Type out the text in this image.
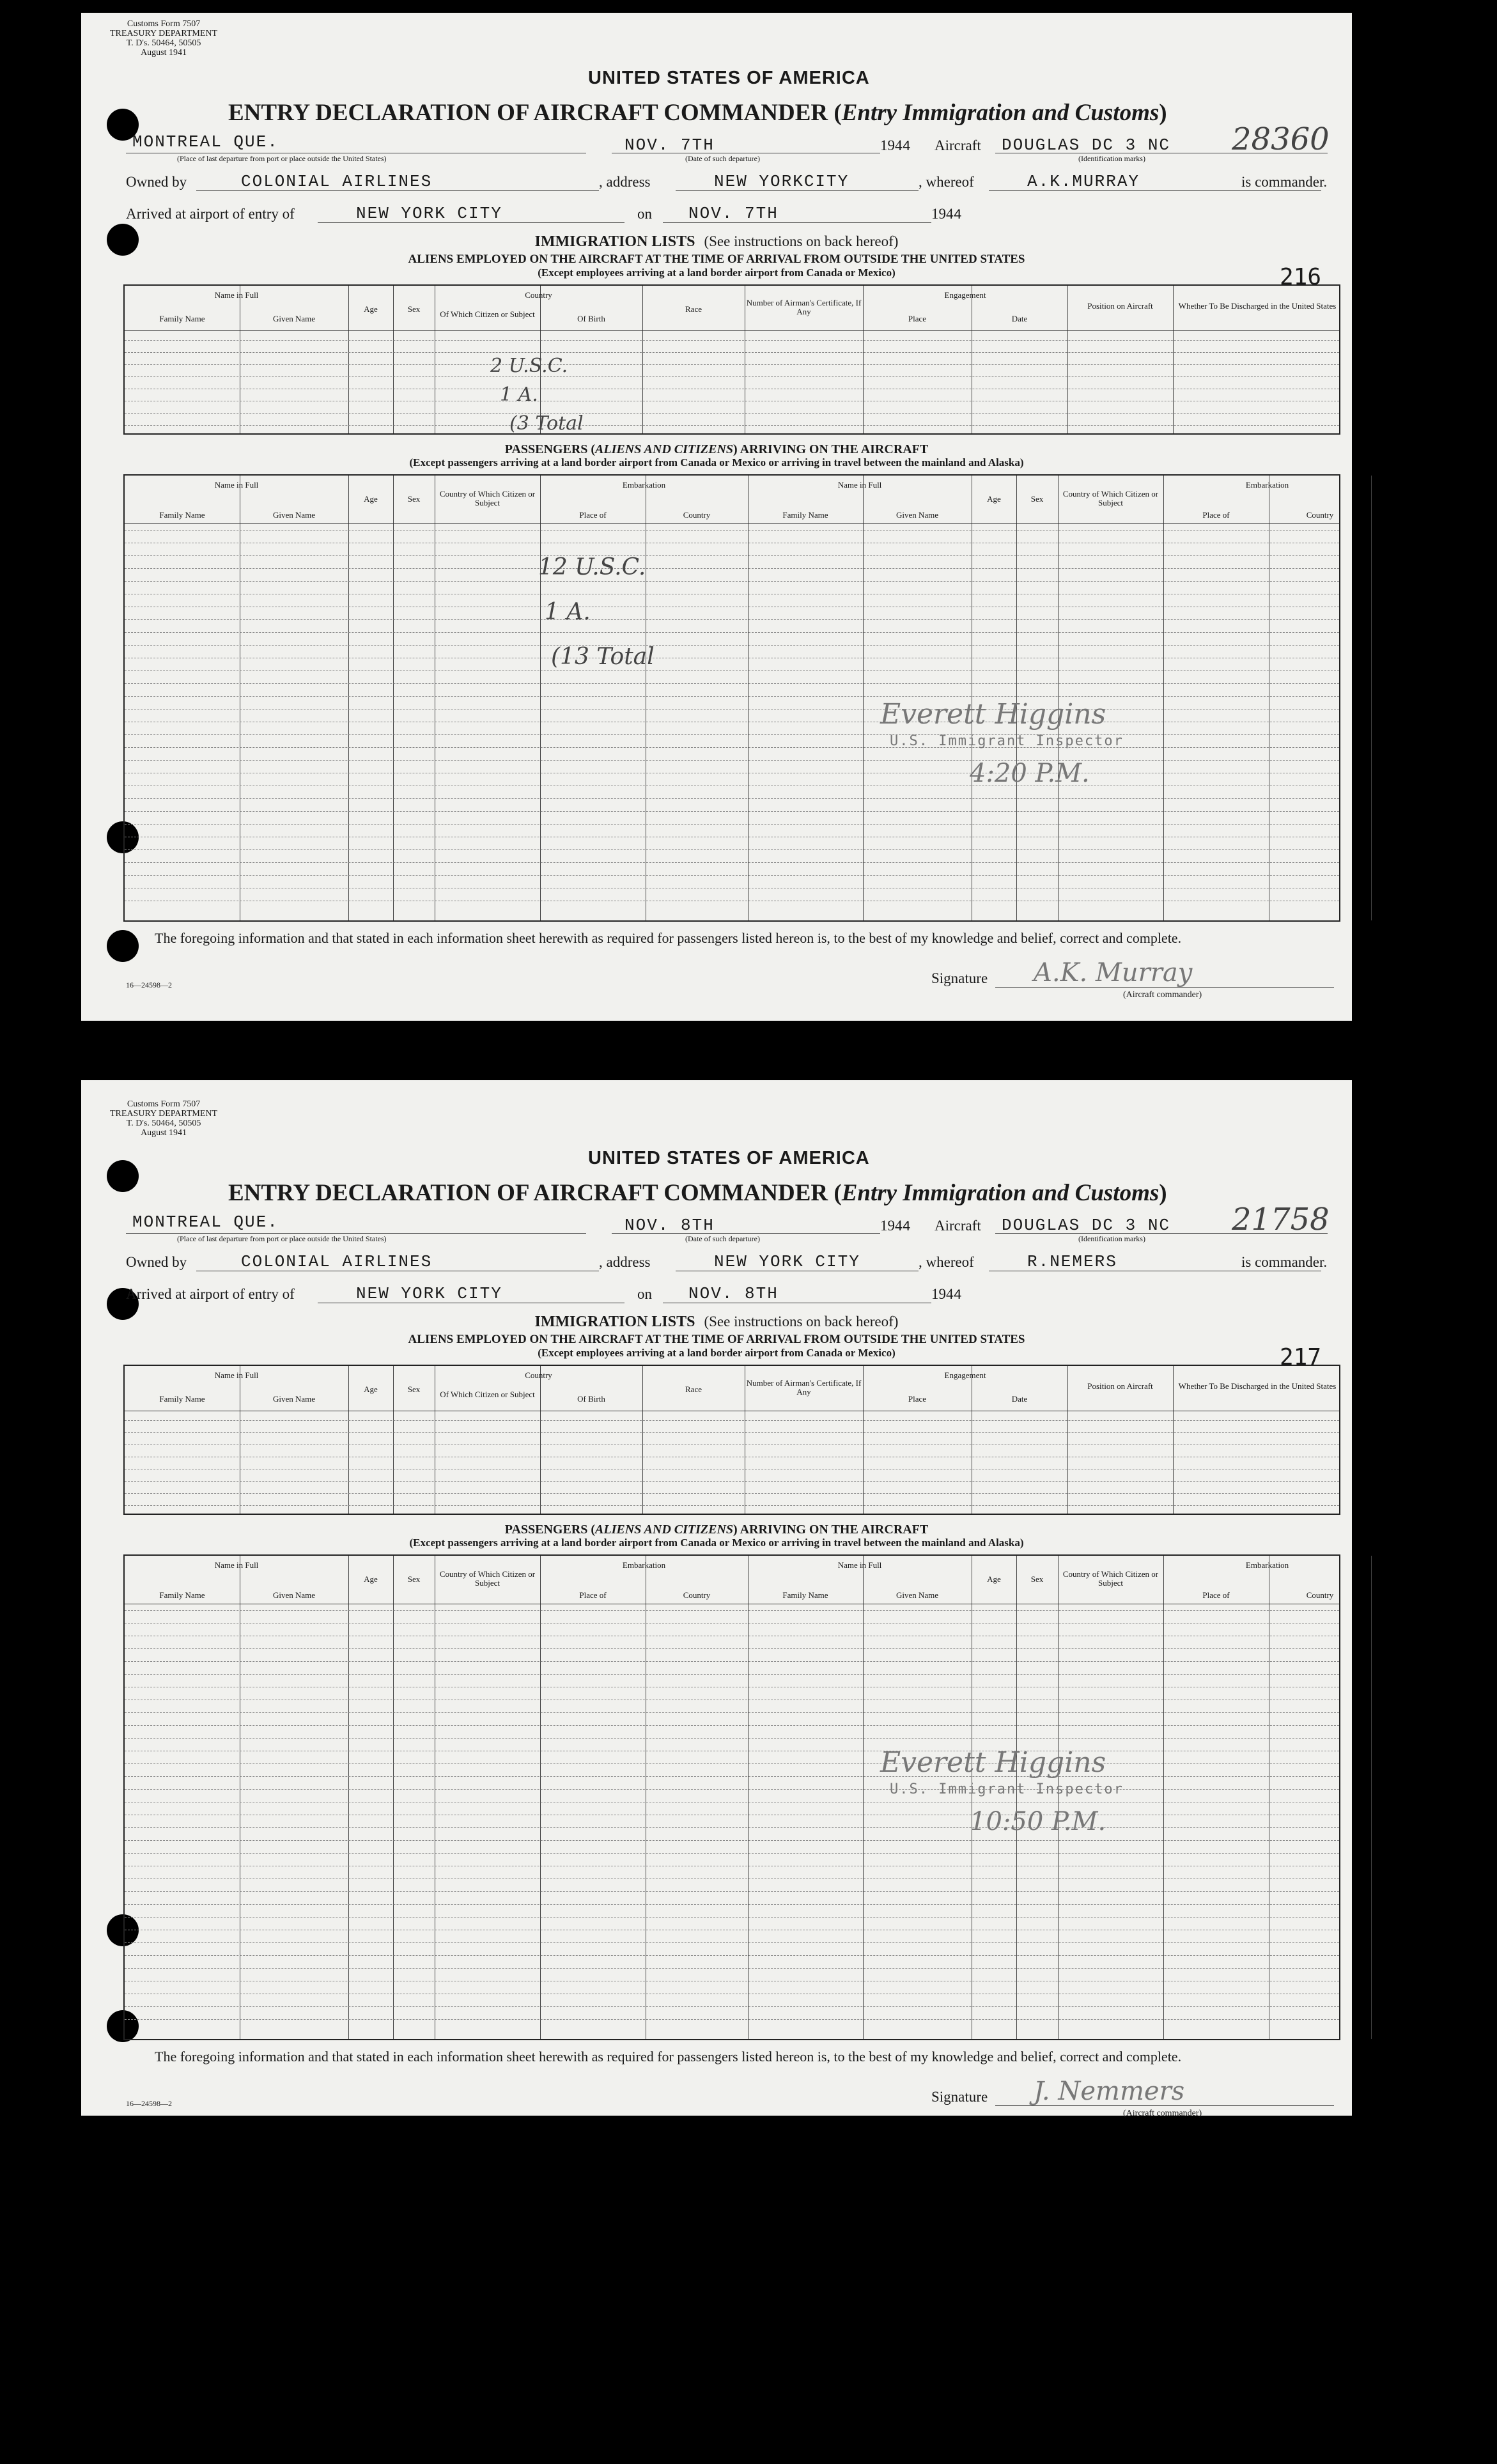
Customs Form 7507
TREASURY DEPARTMENT
T. D's. 50464, 50505
August 1941
UNITED STATES OF AMERICA
ENTRY DECLARATION OF AIRCRAFT COMMANDER (Entry Immigration and Customs)
MONTREAL QUE.
(Place of last departure from port or place outside the United States)
NOV. 7TH
(Date of such departure)
1944 Aircraft DOUGLAS DC 3 NC 28360
(Identification marks)
Owned by	COLONIAL AIRLINES	, address	NEW YORKCITY	, whereof	A.K.MURRAY	is commander.
Arrived at airport of entry of	NEW YORK CITY	on NOV. 7TH	1944
IMMIGRATION LISTS (See instructions on back hereof)
ALIENS EMPLOYED ON THE AIRCRAFT AT THE TIME OF ARRIVAL FROM OUTSIDE THE UNITED STATES
(Except employees arriving at a land border airport from Canada or Mexico)	216
Name in Full
Family Name	Given Name
Age	Sex
Country
Of Which Citizen or Subject	Of Birth
Race
Number of Airman's Certificate, If Any
Engagement
Place	Date
Position on Aircraft	Whether To Be Discharged in the United States
2 U.S.C.
1 A.
(3 Total
PASSENGERS (ALIENS AND CITIZENS) ARRIVING ON THE AIRCRAFT
(Except passengers arriving at a land border airport from Canada or Mexico or arriving in travel between the mainland and Alaska)
Name in Full
Family Name	Given Name
Age	Sex
Country of Which Citizen or Subject
Embarkation
Place of	Country
Name in Full
Family Name	Given Name
Age	Sex
Country of Which Citizen or Subject
Embarkation
Place of	Country
12 U.S.C.
1 A.
(13 Total
Everett Higgins
U.S. Immigrant Inspector
4:20 P.M.
The foregoing information and that stated in each information sheet herewith as required for passengers listed hereon is, to the best of my knowledge and belief, correct and complete.
Signature A.K. Murray
(Aircraft commander)
16—24598—2
Customs Form 7507
TREASURY DEPARTMENT
T. D's. 50464, 50505
August 1941
UNITED STATES OF AMERICA
ENTRY DECLARATION OF AIRCRAFT COMMANDER (Entry Immigration and Customs)
MONTREAL QUE.
(Place of last departure from port or place outside the United States)
NOV. 8TH
(Date of such departure)
1944 Aircraft DOUGLAS DC 3 NC 21758
(Identification marks)
Owned by	COLONIAL AIRLINES	, address	NEW YORK CITY	, whereof	R.NEMERS	is commander.
Arrived at airport of entry of	NEW YORK CITY	on NOV. 8TH	1944
IMMIGRATION LISTS (See instructions on back hereof)
ALIENS EMPLOYED ON THE AIRCRAFT AT THE TIME OF ARRIVAL FROM OUTSIDE THE UNITED STATES
(Except employees arriving at a land border airport from Canada or Mexico)	217
Name in Full
Family Name	Given Name
Age	Sex
Country
Of Which Citizen or Subject	Of Birth
Race
Number of Airman's Certificate, If Any
Engagement
Place	Date
Position on Aircraft	Whether To Be Discharged in the United States
PASSENGERS (ALIENS AND CITIZENS) ARRIVING ON THE AIRCRAFT
(Except passengers arriving at a land border airport from Canada or Mexico or arriving in travel between the mainland and Alaska)
Name in Full
Family Name	Given Name
Age	Sex
Country of Which Citizen or Subject
Embarkation
Place of	Country
Name in Full
Family Name	Given Name
Age	Sex
Country of Which Citizen or Subject
Embarkation
Place of	Country
Everett Higgins
U.S. Immigrant Inspector
10:50 P.M.
The foregoing information and that stated in each information sheet herewith as required for passengers listed hereon is, to the best of my knowledge and belief, correct and complete.
Signature J. Nemmers
(Aircraft commander)
16—24598—2
